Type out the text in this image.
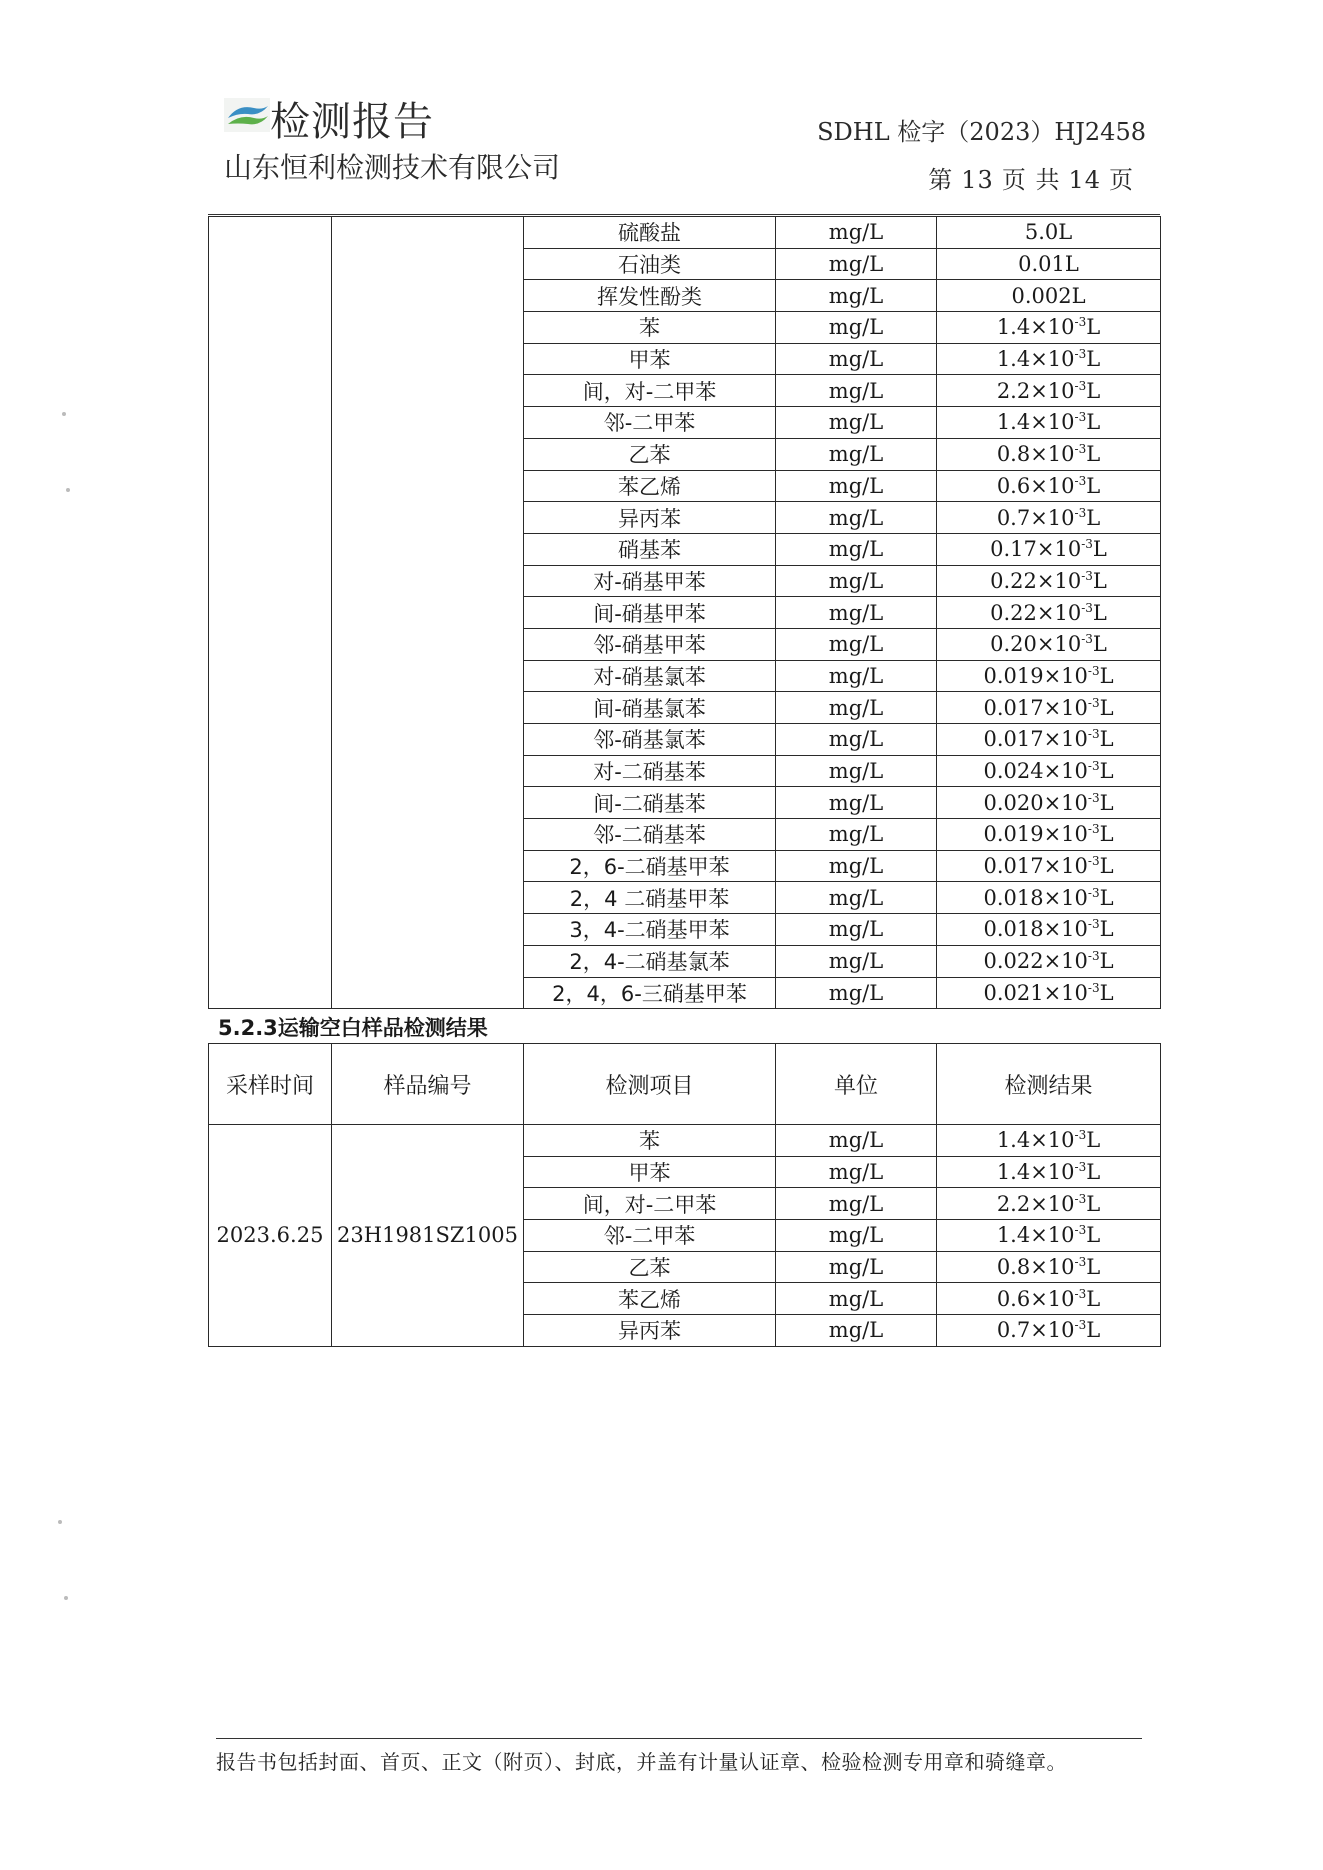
检测报告
山东恒利检测技术有限公司
SDHL 检字（2023）HJ2458
第 13 页 共 14 页
		硫酸盐	mg/L	5.0L
		石油类	mg/L	0.01L
		挥发性酚类	mg/L	0.002L
		苯	mg/L	$1.4\times 10^{-3}L$
		甲苯	mg/L	$1.4\times 10^{-3}L$
		间，对-二甲苯	mg/L	$2.2\times 10^{-3}L$
		邻-二甲苯	mg/L	$1.4\times 10^{-3}L$
		乙苯	mg/L	$0.8\times 10^{-3}L$
		苯乙烯	mg/L	$0.6\times 10^{-3}L$
		异丙苯	mg/L	$0.7\times 10^{-3}L$
		硝基苯	mg/L	$0.17\times 10^{-3}L$
		对-硝基甲苯	mg/L	$0.22\times 10^{-3}L$
		间-硝基甲苯	mg/L	$0.22\times 10^{-3}L$
		邻-硝基甲苯	mg/L	$0.20\times 10^{-3}L$
		对-硝基氯苯	mg/L	$0.019\times 10^{-3}L$
		间-硝基氯苯	mg/L	$0.017\times 10^{-3}L$
		邻-硝基氯苯	mg/L	$0.017\times 10^{-3}L$
		对-二硝基苯	mg/L	$0.024\times 10^{-3}L$
		间-二硝基苯	mg/L	$0.020\times 10^{-3}L$
		邻-二硝基苯	mg/L	$0.019\times 10^{-3}L$
		2，6-二硝基甲苯	mg/L	$0.017\times 10^{-3}L$
		2，4 二硝基甲苯	mg/L	$0.018\times 10^{-3}L$
		3，4-二硝基甲苯	mg/L	$0.018\times 10^{-3}L$
		2，4-二硝基氯苯	mg/L	$0.022\times 10^{-3}L$
		2，4，6-三硝基甲苯	mg/L	$0.021\times 10^{-3}L$
5.2.3运输空白样品检测结果
采样时间	样品编号	检测项目	单位	检测结果
2023.6.25	23H1981SZ1005	苯	mg/L	$1.4\times 10^{-3}L$
		甲苯	mg/L	$1.4\times 10^{-3}L$
		间，对-二甲苯	mg/L	$2.2\times 10^{-3}L$
		邻-二甲苯	mg/L	$1.4\times 10^{-3}L$
		乙苯	mg/L	$0.8\times 10^{-3}L$
		苯乙烯	mg/L	$0.6\times 10^{-3}L$
		异丙苯	mg/L	$0.7\times 10^{-3}L$
报告书包括封面、首页、正文（附页）、封底，并盖有计量认证章、检验检测专用章和骑缝章。
